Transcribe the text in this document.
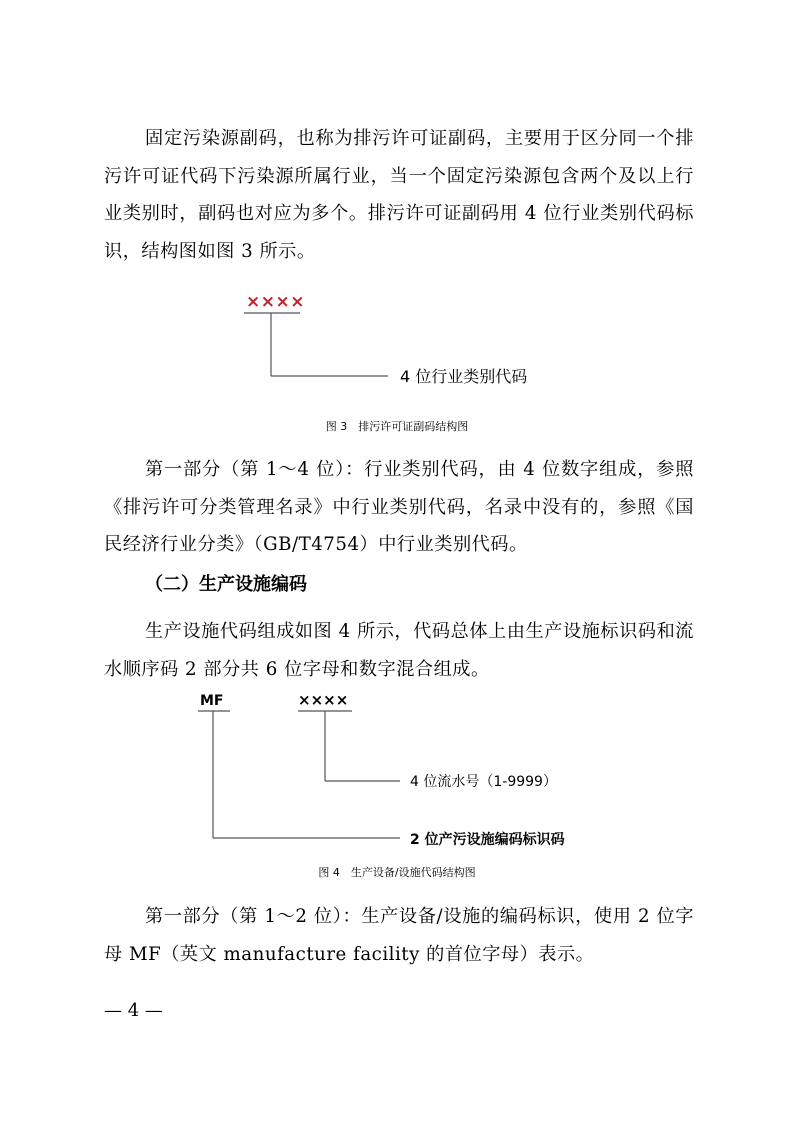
固定污染源副码，也称为排污许可证副码，主要用于区分同一个排污许可证代码下污染源所属行业，当一个固定污染源包含两个及以上行业类别时，副码也对应为多个。排污许可证副码用 4 位行业类别代码标识，结构图如图 3 所示。

××××
4 位行业类别代码
图 3　排污许可证副码结构图

第一部分（第 1～4 位）：行业类别代码，由 4 位数字组成，参照《排污许可分类管理名录》中行业类别代码，名录中没有的，参照《国民经济行业分类》（GB/T4754）中行业类别代码。

（二）生产设施编码

生产设施代码组成如图 4 所示，代码总体上由生产设施标识码和流水顺序码 2 部分共 6 位字母和数字混合组成。

MF	××××
4 位流水号（1-9999）
2 位产污设施编码标识码
图 4　生产设备/设施代码结构图

第一部分（第 1～2 位）：生产设备/设施的编码标识，使用 2 位字母 MF（英文 manufacture facility 的首位字母）表示。

— 4 —
